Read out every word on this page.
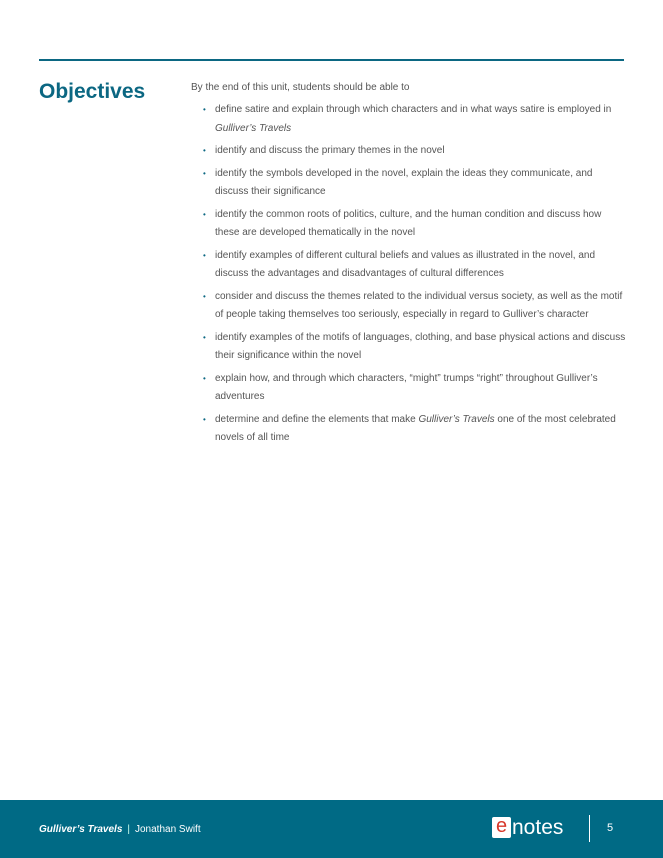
Objectives	By the end of this unit, students should be able to
• define satire and explain through which characters and in what ways satire is employed in Gulliver’s Travels
• identify and discuss the primary themes in the novel
• identify the symbols developed in the novel, explain the ideas they communicate, and discuss their significance
• identify the common roots of politics, culture, and the human condition and discuss how these are developed thematically in the novel
• identify examples of different cultural beliefs and values as illustrated in the novel, and discuss the advantages and disadvantages of cultural differences
• consider and discuss the themes related to the individual versus society, as well as the motif of people taking themselves too seriously, especially in regard to Gulliver’s character
• identify examples of the motifs of languages, clothing, and base physical actions and discuss their significance within the novel
• explain how, and through which characters, “might” trumps “right” throughout Gulliver’s adventures
• determine and define the elements that make Gulliver’s Travels one of the most celebrated novels of all time
Gulliver’s Travels | Jonathan Swift	e notes	5
